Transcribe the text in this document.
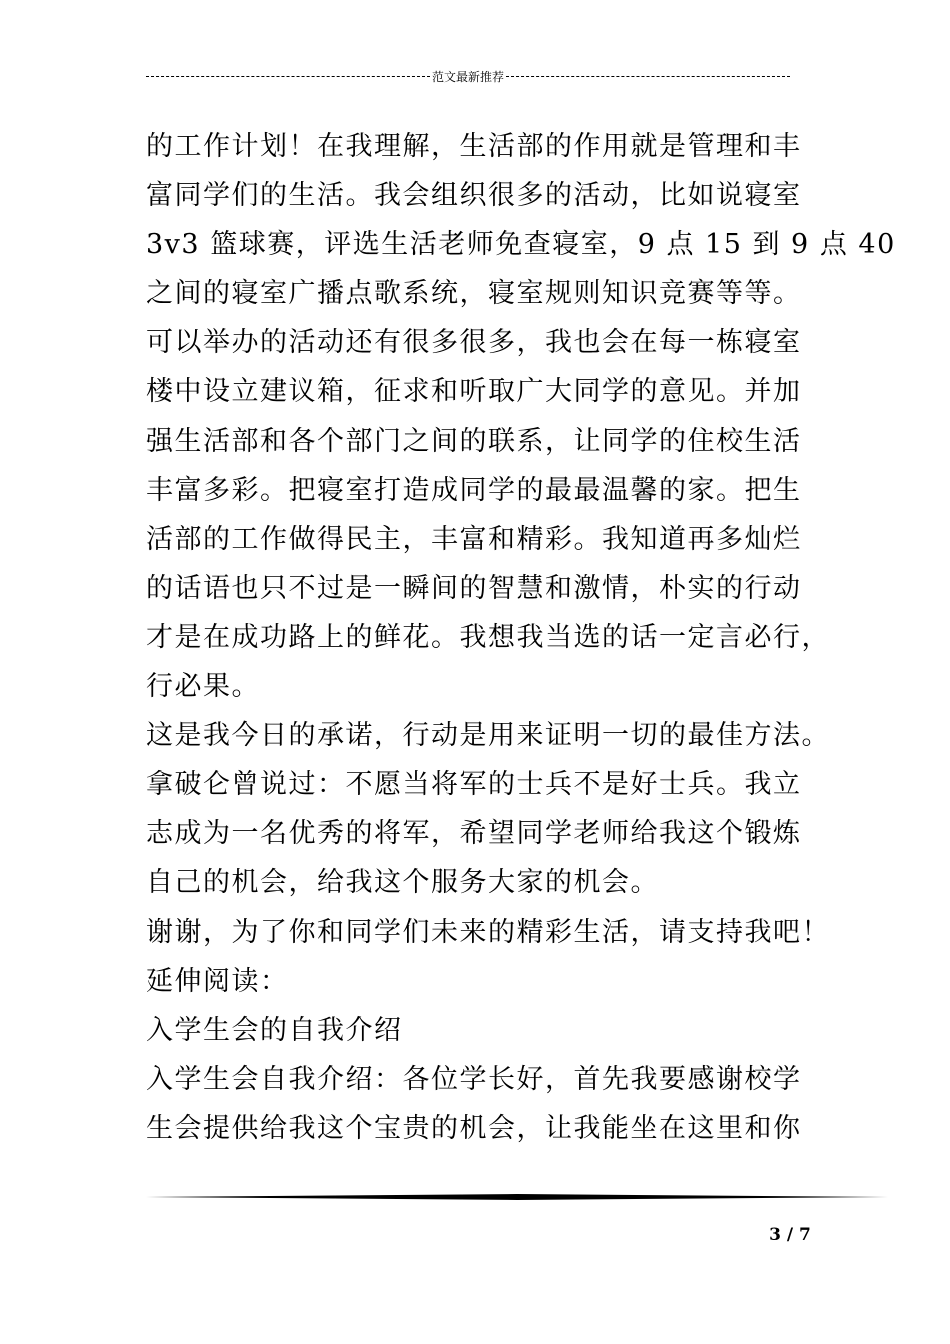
范文最新推荐
的工作计划！在我理解，生活部的作用就是管理和丰
富同学们的生活。我会组织很多的活动，比如说寝室
3v3 篮球赛，评选生活老师免查寝室，9 点 15 到 9 点 40
之间的寝室广播点歌系统，寝室规则知识竞赛等等。
可以举办的活动还有很多很多，我也会在每一栋寝室
楼中设立建议箱，征求和听取广大同学的意见。并加
强生活部和各个部门之间的联系，让同学的住校生活
丰富多彩。把寝室打造成同学的最最温馨的家。把生
活部的工作做得民主，丰富和精彩。我知道再多灿烂
的话语也只不过是一瞬间的智慧和激情，朴实的行动
才是在成功路上的鲜花。我想我当选的话一定言必行，
行必果。
这是我今日的承诺，行动是用来证明一切的最佳方法。
拿破仑曾说过：不愿当将军的士兵不是好士兵。我立
志成为一名优秀的将军，希望同学老师给我这个锻炼
自己的机会，给我这个服务大家的机会。
谢谢，为了你和同学们未来的精彩生活，请支持我吧！
延伸阅读：
入学生会的自我介绍
入学生会自我介绍：各位学长好，首先我要感谢校学
生会提供给我这个宝贵的机会，让我能坐在这里和你
3 / 7
